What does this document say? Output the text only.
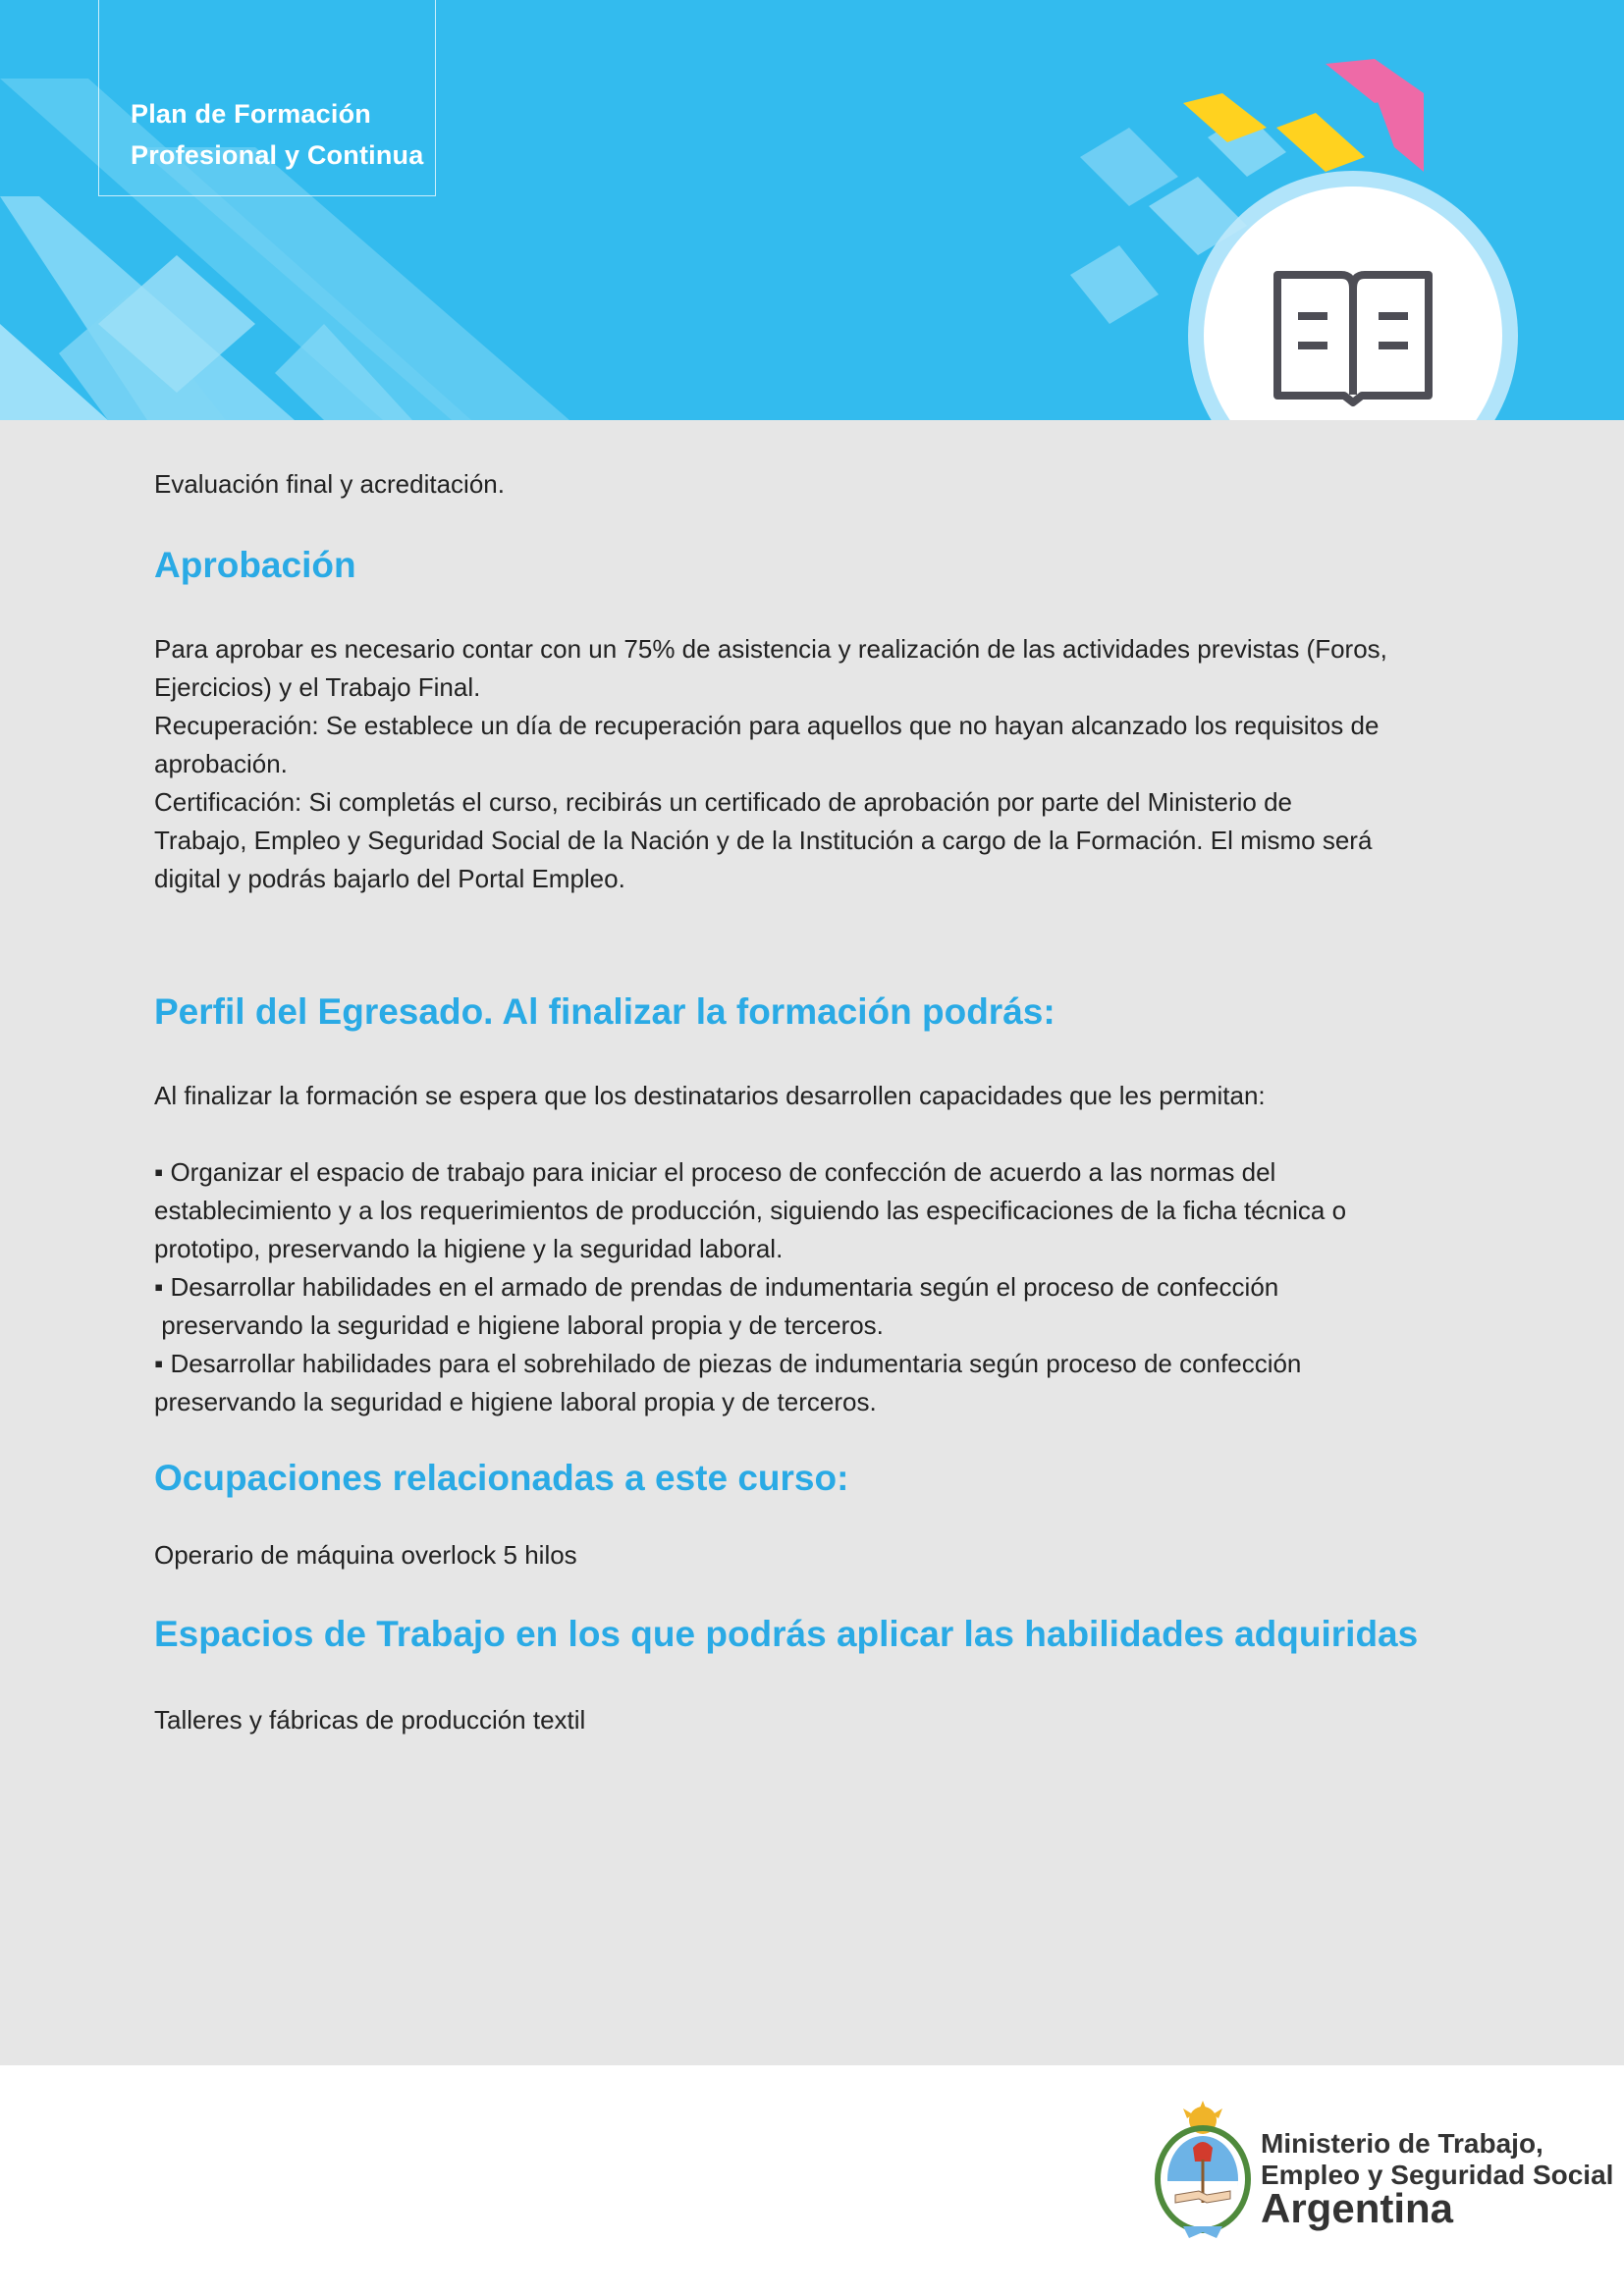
Plan de Formación
Profesional y Continua

Evaluación final y acreditación.

Aprobación

Para aprobar es necesario contar con un 75% de asistencia y realización de las actividades previstas (Foros,

Ejercicios) y el Trabajo Final.

Recuperación: Se establece un día de recuperación para aquellos que no hayan alcanzado los requisitos de

aprobación.

Certificación: Si completás el curso, recibirás un certificado de aprobación por parte del Ministerio de

Trabajo, Empleo y Seguridad Social de la Nación y de la Institución a cargo de la Formación. El mismo será

digital y podrás bajarlo del Portal Empleo.

Perfil del Egresado. Al finalizar la formación podrás:

Al finalizar la formación se espera que los destinatarios desarrollen capacidades que les permitan:

▪ Organizar el espacio de trabajo para iniciar el proceso de confección de acuerdo a las normas del

establecimiento y a los requerimientos de producción, siguiendo las especificaciones de la ficha técnica o

prototipo, preservando la higiene y la seguridad laboral.

▪ Desarrollar habilidades en el armado de prendas de indumentaria según el proceso de confección

preservando la seguridad e higiene laboral propia y de terceros.

▪ Desarrollar habilidades para el sobrehilado de piezas de indumentaria según proceso de confección

preservando la seguridad e higiene laboral propia y de terceros.

Ocupaciones relacionadas a este curso:

Operario de máquina overlock 5 hilos

Espacios de Trabajo en los que podrás aplicar las habilidades adquiridas

Talleres y fábricas de producción textil

Ministerio de Trabajo,
Empleo y Seguridad Social
Argentina
